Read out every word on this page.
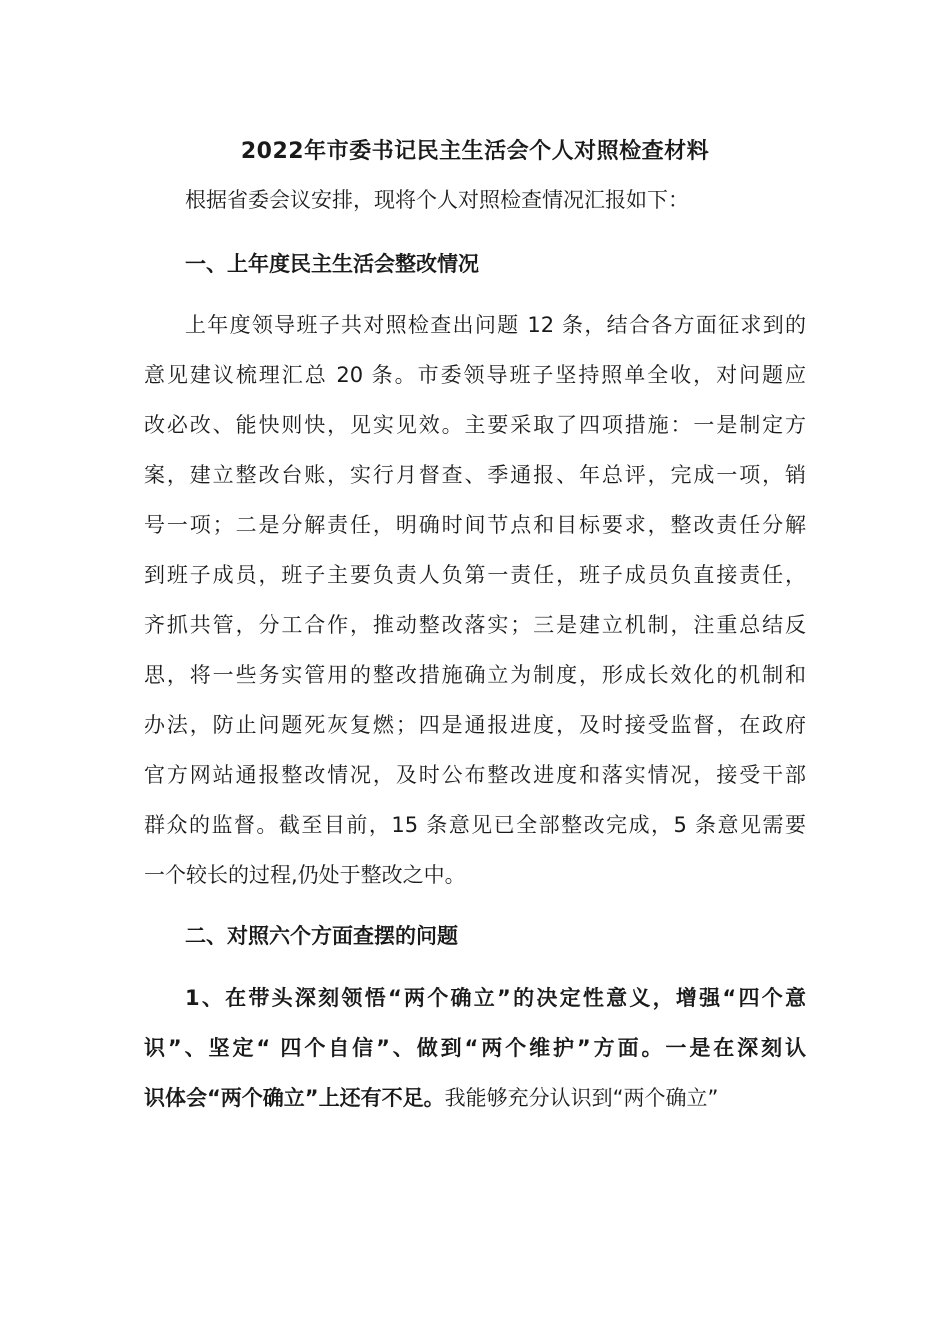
2022年市委书记民主生活会个人对照检查材料
根据省委会议安排，现将个人对照检查情况汇报如下：
一、上年度民主生活会整改情况
上年度领导班子共对照检查出问题 12 条，结合各方面征求到的
意见建议梳理汇总 20 条。市委领导班子坚持照单全收，对问题应
改必改、能快则快，见实见效。主要采取了四项措施：一是制定方
案，建立整改台账，实行月督查、季通报、年总评，完成一项，销
号一项；二是分解责任，明确时间节点和目标要求，整改责任分解
到班子成员，班子主要负责人负第一责任，班子成员负直接责任，
齐抓共管，分工合作，推动整改落实；三是建立机制，注重总结反
思，将一些务实管用的整改措施确立为制度，形成长效化的机制和
办法，防止问题死灰复燃；四是通报进度，及时接受监督，在政府
官方网站通报整改情况，及时公布整改进度和落实情况，接受干部
群众的监督。截至目前，15 条意见已全部整改完成，5 条意见需要
一个较长的过程,仍处于整改之中。
二、对照六个方面查摆的问题
1、在带头深刻领悟“两个确立”的决定性意义，增强“四个意
识”、坚定“ 四个自信”、做到“两个维护”方面。一是在深刻认
识体会“两个确立”上还有不足。我能够充分认识到“两个确立”
